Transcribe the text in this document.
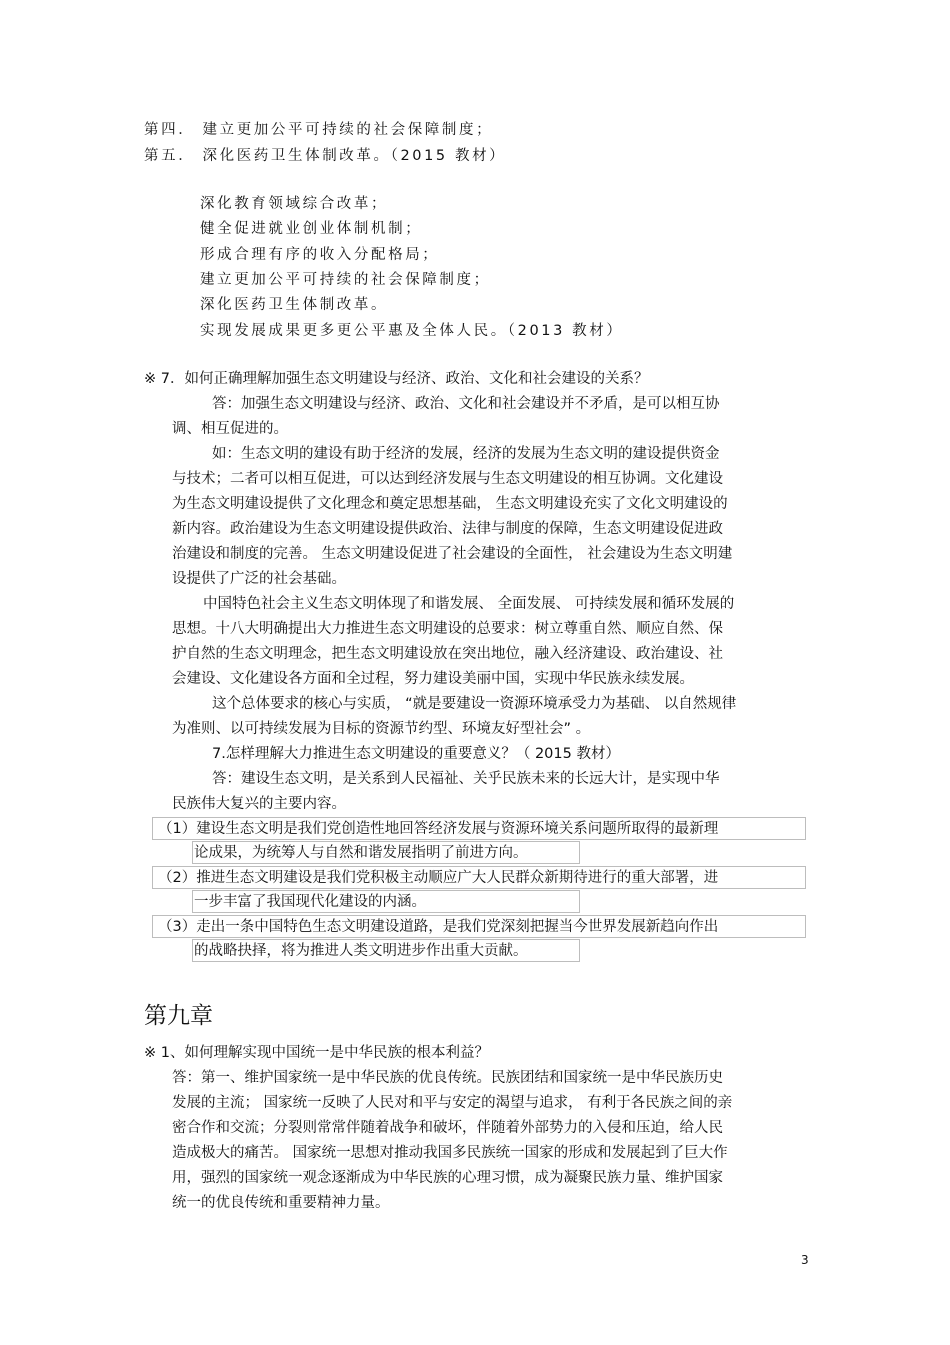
第四． 建立更加公平可持续的社会保障制度；
第五． 深化医药卫生体制改革。（2015 教材）
深化教育领域综合改革；
健全促进就业创业体制机制；
形成合理有序的收入分配格局；
建立更加公平可持续的社会保障制度；
深化医药卫生体制改革。
实现发展成果更多更公平惠及全体人民。（2013 教材）
※ 7．如何正确理解加强生态文明建设与经济、政治、文化和社会建设的关系？
答：加强生态文明建设与经济、政治、文化和社会建设并不矛盾，是可以相互协
调、相互促进的。
如：生态文明的建设有助于经济的发展，经济的发展为生态文明的建设提供资金
与技术；二者可以相互促进，可以达到经济发展与生态文明建设的相互协调。文化建设
为生态文明建设提供了文化理念和奠定思想基础， 生态文明建设充实了文化文明建设的
新内容。政治建设为生态文明建设提供政治、法律与制度的保障，生态文明建设促进政
治建设和制度的完善。 生态文明建设促进了社会建设的全面性， 社会建设为生态文明建
设提供了广泛的社会基础。
中国特色社会主义生态文明体现了和谐发展、 全面发展、 可持续发展和循环发展的
思想。十八大明确提出大力推进生态文明建设的总要求：树立尊重自然、顺应自然、保
护自然的生态文明理念，把生态文明建设放在突出地位，融入经济建设、政治建设、社
会建设、文化建设各方面和全过程，努力建设美丽中国，实现中华民族永续发展。
这个总体要求的核心与实质， “就是要建设一资源环境承受力为基础、 以自然规律
为准则、以可持续发展为目标的资源节约型、环境友好型社会” 。
7.怎样理解大力推进生态文明建设的重要意义？（ 2015 教材）
答：建设生态文明，是关系到人民福祉、关乎民族未来的长远大计，是实现中华
民族伟大复兴的主要内容。
（1）建设生态文明是我们党创造性地回答经济发展与资源环境关系问题所取得的最新理
论成果，为统筹人与自然和谐发展指明了前进方向。
（2）推进生态文明建设是我们党积极主动顺应广大人民群众新期待进行的重大部署，进
一步丰富了我国现代化建设的内涵。
（3）走出一条中国特色生态文明建设道路，是我们党深刻把握当今世界发展新趋向作出
的战略抉择，将为推进人类文明进步作出重大贡献。
第九章
※ 1、如何理解实现中国统一是中华民族的根本利益？
答：第一、维护国家统一是中华民族的优良传统。民族团结和国家统一是中华民族历史
发展的主流； 国家统一反映了人民对和平与安定的渴望与追求， 有利于各民族之间的亲
密合作和交流；分裂则常常伴随着战争和破坏，伴随着外部势力的入侵和压迫，给人民
造成极大的痛苦。 国家统一思想对推动我国多民族统一国家的形成和发展起到了巨大作
用，强烈的国家统一观念逐渐成为中华民族的心理习惯，成为凝聚民族力量、维护国家
统一的优良传统和重要精神力量。
3
